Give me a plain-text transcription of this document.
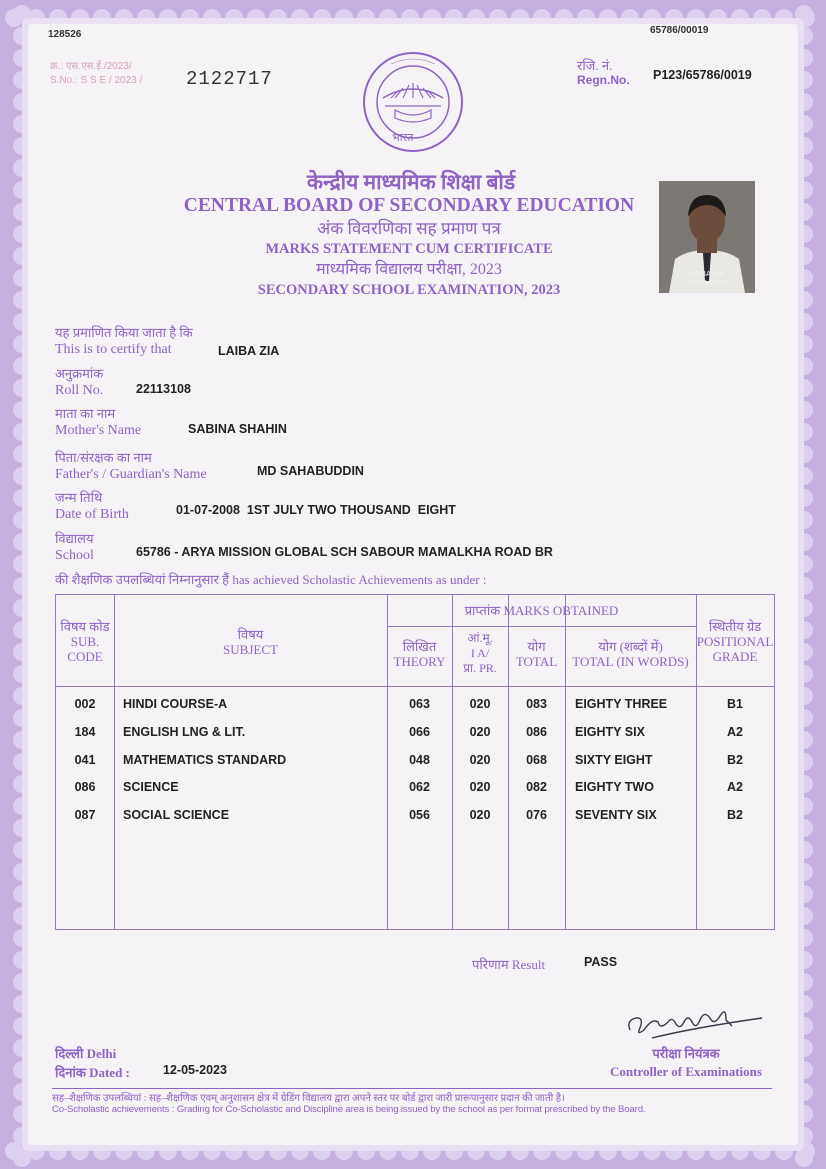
128526	65786/00019
क्र.: एस.एस.ई./2023/
S.No.: S S E / 2023 / 2122717
रजि. नं.
Regn.No. P123/65786/0019
भारत
केन्द्रीय माध्यमिक शिक्षा बोर्ड
CENTRAL BOARD OF SECONDARY EDUCATION
अंक विवरणिका सह प्रमाण पत्र
MARKS STATEMENT CUM CERTIFICATE
माध्यमिक विद्यालय परीक्षा, 2023
SECONDARY SCHOOL EXAMINATION, 2023
LAIBA ZIA
08-09-2021
यह प्रमाणित किया जाता है कि
This is to certify that	LAIBA ZIA
अनुक्रमांक
Roll No.	22113108
माता का नाम
Mother's Name	SABINA SHAHIN
पिता/संरक्षक का नाम
Father's / Guardian's Name	MD SAHABUDDIN
जन्म तिथि
Date of Birth	01-07-2008  1ST JULY TWO THOUSAND  EIGHT
विद्यालय
School	65786 - ARYA MISSION GLOBAL SCH SABOUR MAMALKHA ROAD BR
की शैक्षणिक उपलब्धियां निम्नानुसार हैं has achieved Scholastic Achievements as under :
विषय कोड
SUB.
CODE
विषय
SUBJECT
प्राप्तांक MARKS OBTAINED
लिखित
THEORY
आं.मू.
I A/
प्रा. PR.
योग
TOTAL
योग (शब्दों में)
TOTAL (IN WORDS)
स्थितीय ग्रेड
POSITIONAL
GRADE
002	HINDI COURSE-A	063	020	083	EIGHTY THREE	B1
184	ENGLISH LNG & LIT.	066	020	086	EIGHTY SIX	A2
041	MATHEMATICS STANDARD	048	020	068	SIXTY EIGHT	B2
086	SCIENCE	062	020	082	EIGHTY TWO	A2
087	SOCIAL SCIENCE	056	020	076	SEVENTY SIX	B2
परिणाम Result	PASS
दिल्ली Delhi
दिनांक Dated :	12-05-2023
परीक्षा नियंत्रक
Controller of Examinations
सह–शैक्षणिक उपलब्धियां : सह–शैक्षणिक एवम् अनुशासन क्षेत्र में ग्रेडिंग विद्यालय द्वारा अपने स्तर पर बोर्ड द्वारा जारी प्रारूपानुसार प्रदान की जाती है।
Co-Scholastic achievements : Grading for Co-Scholastic and Discipline area is being issued by the school as per format prescribed by the Board.
